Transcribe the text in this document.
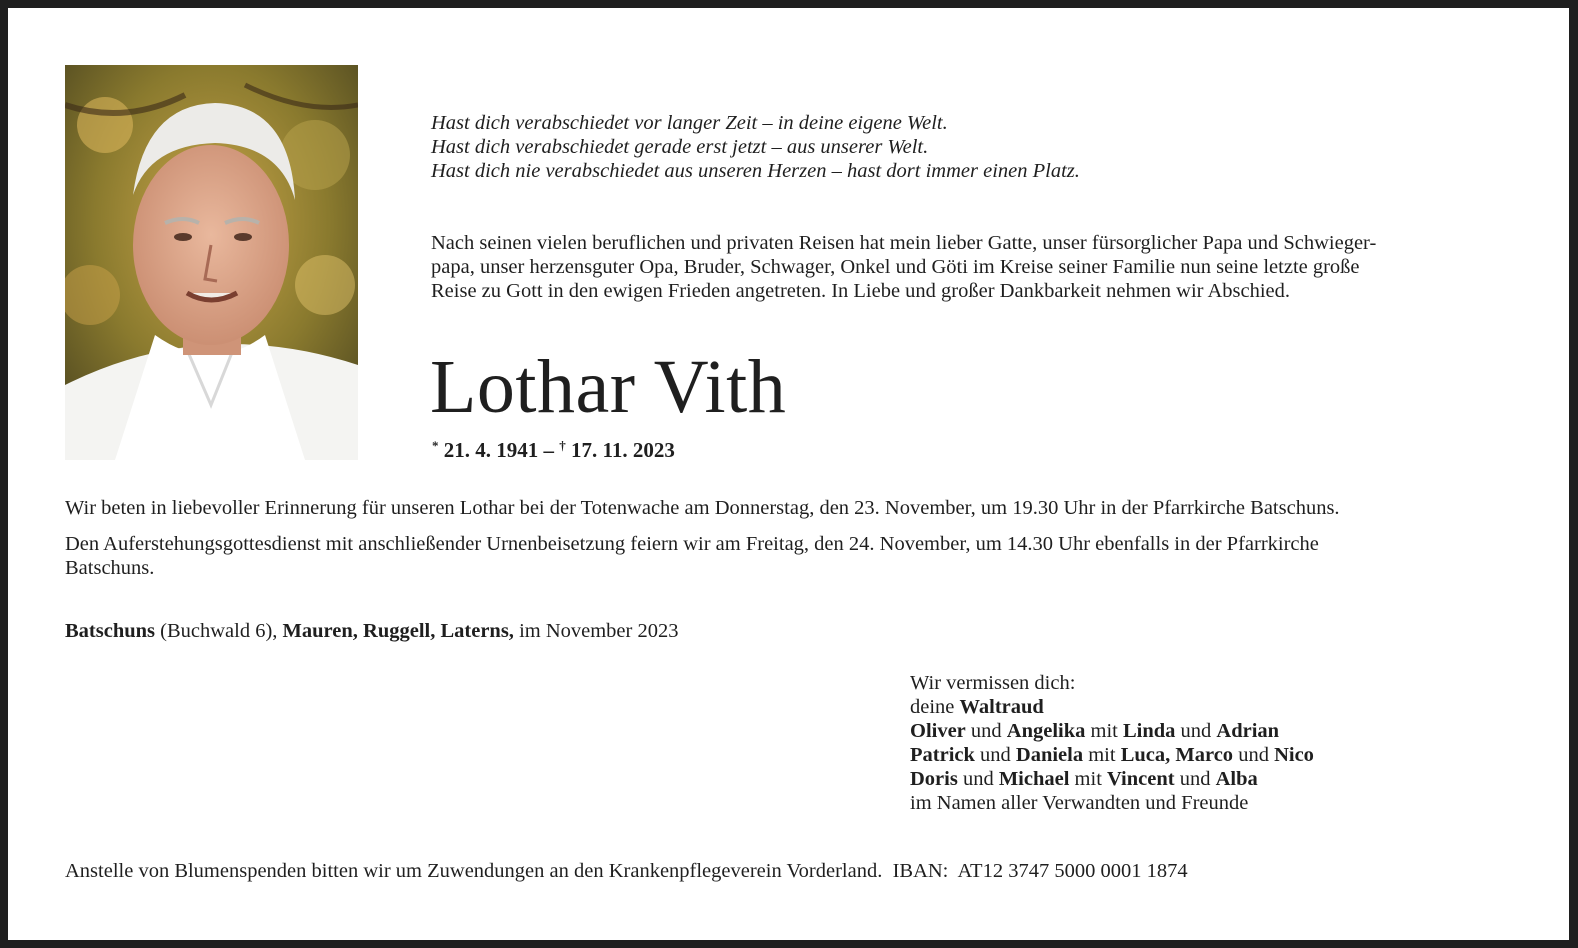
Hast dich verabschiedet vor langer Zeit – in deine eigene Welt.
Hast dich verabschiedet gerade erst jetzt – aus unserer Welt.
Hast dich nie verabschiedet aus unseren Herzen – hast dort immer einen Platz.
Nach seinen vielen beruflichen und privaten Reisen hat mein lieber Gatte, unser fürsorglicher Papa und Schwieger-
papa, unser herzensguter Opa, Bruder, Schwager, Onkel und Göti im Kreise seiner Familie nun seine letzte große
Reise zu Gott in den ewigen Frieden angetreten. In Liebe und großer Dankbarkeit nehmen wir Abschied.
Lothar Vith
* 21. 4. 1941 – † 17. 11. 2023
Wir beten in liebevoller Erinnerung für unseren Lothar bei der Totenwache am Donnerstag, den 23. November, um 19.30 Uhr in der Pfarrkirche Batschuns.
Den Auferstehungsgottesdienst mit anschließender Urnenbeisetzung feiern wir am Freitag, den 24. November, um 14.30 Uhr ebenfalls in der Pfarrkirche
Batschuns.
Batschuns (Buchwald 6), Mauren, Ruggell, Laterns, im November 2023
Wir vermissen dich:
deine Waltraud
Oliver und Angelika mit Linda und Adrian
Patrick und Daniela mit Luca, Marco und Nico
Doris und Michael mit Vincent und Alba
im Namen aller Verwandten und Freunde
Anstelle von Blumenspenden bitten wir um Zuwendungen an den Krankenpflegeverein Vorderland. IBAN: AT12 3747 5000 0001 1874
